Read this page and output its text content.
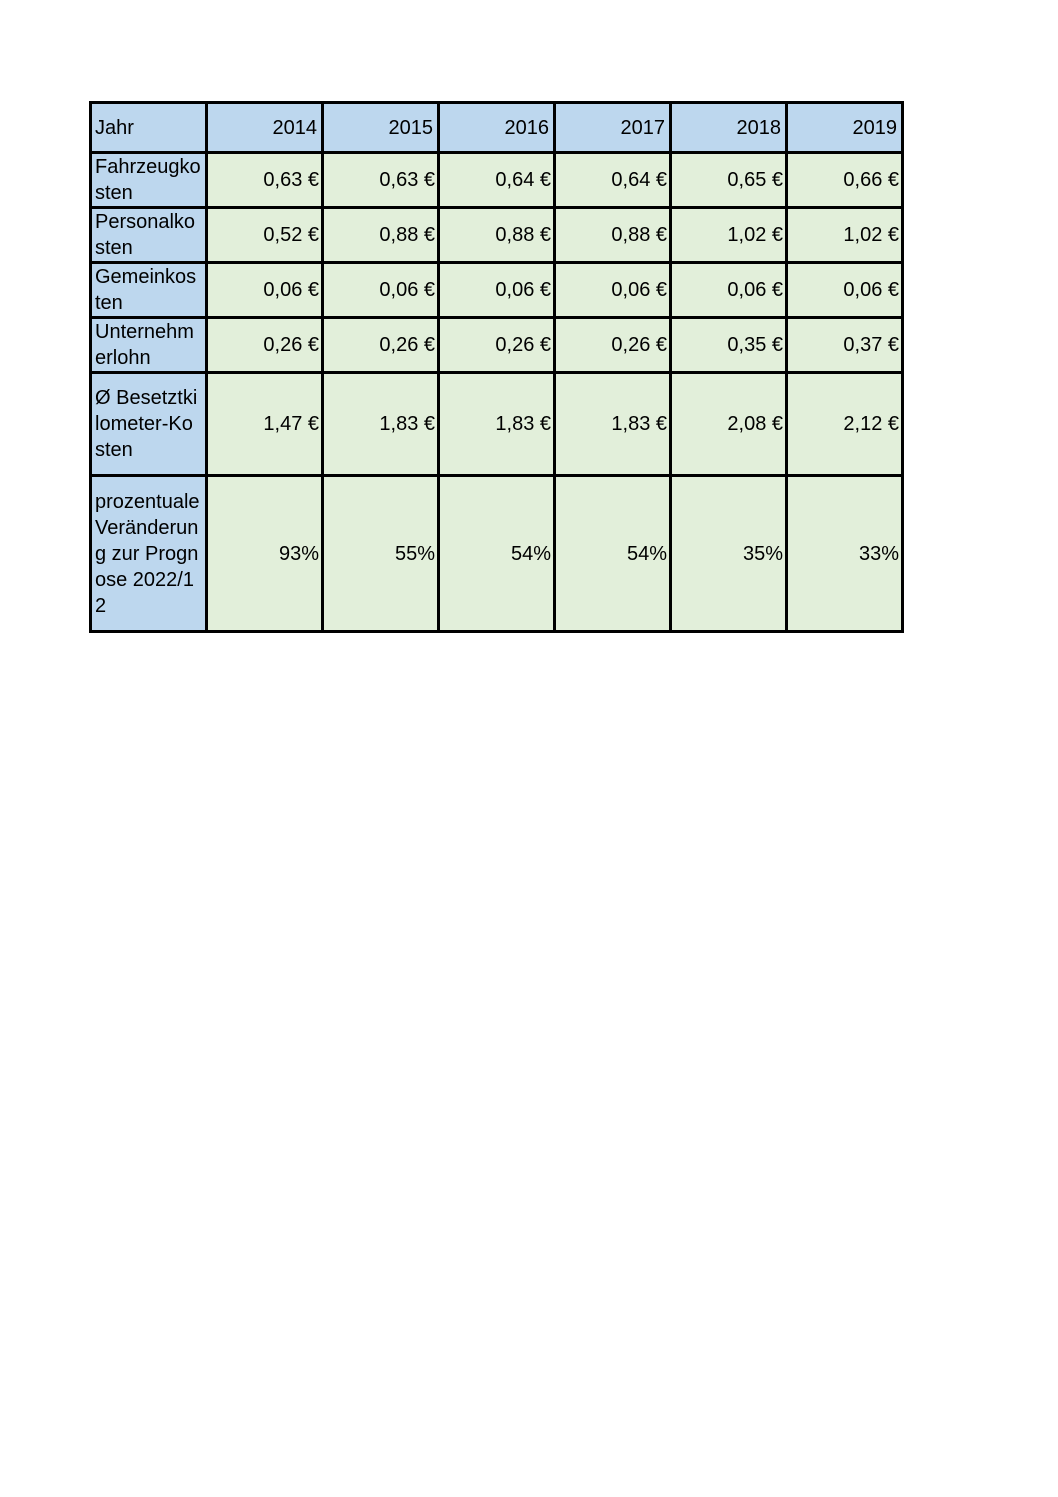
Jahr	2014	2015	2016	2017	2018	2019
Fahrzeugkosten	0,63 €	0,63 €	0,64 €	0,64 €	0,65 €	0,66 €
Personalkosten	0,52 €	0,88 €	0,88 €	0,88 €	1,02 €	1,02 €
Gemeinkosten	0,06 €	0,06 €	0,06 €	0,06 €	0,06 €	0,06 €
Unternehmerlohn	0,26 €	0,26 €	0,26 €	0,26 €	0,35 €	0,37 €
Ø Besetztkilometer-Kosten	1,47 €	1,83 €	1,83 €	1,83 €	2,08 €	2,12 €
prozentuale Veränderung zur Prognose 2022/12	93%	55%	54%	54%	35%	33%
